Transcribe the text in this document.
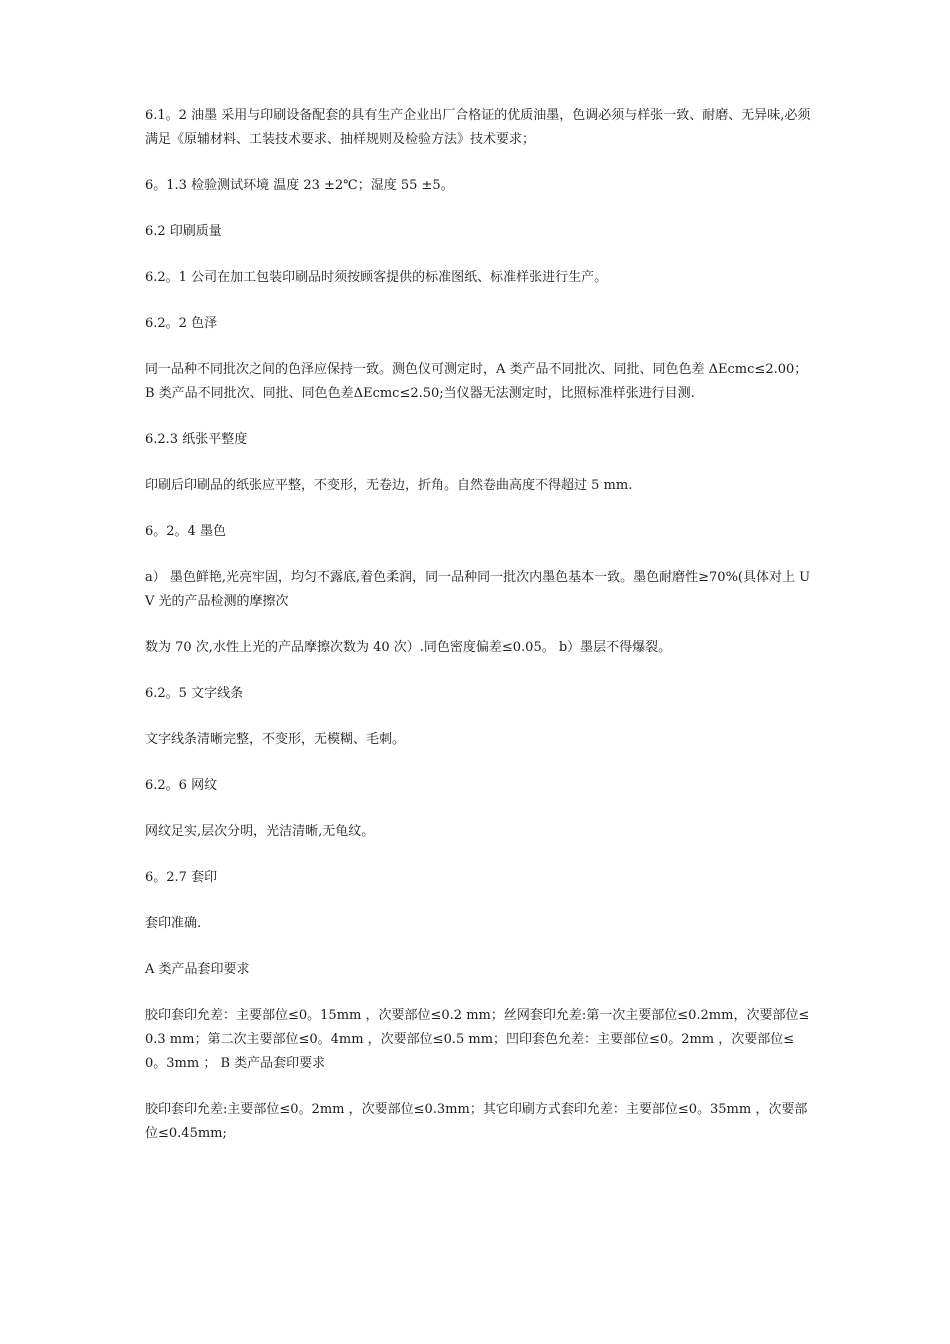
6.1。2 油墨 采用与印刷设备配套的具有生产企业出厂合格证的优质油墨，色调必须与样张一致、耐磨、无异味,必须满足《原辅材料、工装技术要求、抽样规则及检验方法》技术要求；

6。1.3 检验测试环境 温度 23 ±2℃；湿度 55 ±5。

6.2 印刷质量

6.2。1 公司在加工包装印刷品时须按顾客提供的标准图纸、标准样张进行生产。

6.2。2 色泽

同一品种不同批次之间的色泽应保持一致。测色仪可测定时，A 类产品不同批次、同批、同色色差 ΔEcmc≤2.00；B 类产品不同批次、同批、同色色差ΔEcmc≤2.50;当仪器无法测定时，比照标准样张进行目测.

6.2.3 纸张平整度

印刷后印刷品的纸张应平整，不变形，无卷边，折角。自然卷曲高度不得超过 5 mm.

6。2。4 墨色

a） 墨色鲜艳,光亮牢固，均匀不露底,着色柔润，同一品种同一批次内墨色基本一致。墨色耐磨性≥70%(具体对上 UV 光的产品检测的摩擦次

数为 70 次,水性上光的产品摩擦次数为 40 次）.同色密度偏差≤0.05。 b）墨层不得爆裂。

6.2。5 文字线条

文字线条清晰完整，不变形，无模糊、毛刺。

6.2。6 网纹

网纹足实,层次分明，光洁清晰,无龟纹。

6。2.7 套印

套印准确.

A 类产品套印要求

胶印套印允差：主要部位≤0。15mm ，次要部位≤0.2 mm；丝网套印允差:第一次主要部位≤0.2mm，次要部位≤0.3 mm；第二次主要部位≤0。4mm ，次要部位≤0.5 mm；凹印套色允差：主要部位≤0。2mm ，次要部位≤0。3mm ； B 类产品套印要求

胶印套印允差:主要部位≤0。2mm ，次要部位≤0.3mm；其它印刷方式套印允差：主要部位≤0。35mm ，次要部位≤0.45mm;
